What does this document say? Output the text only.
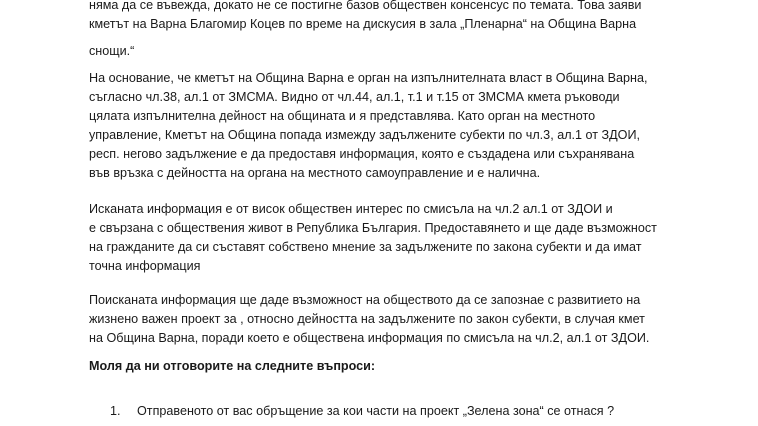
няма да се въвежда, докато не се постигне базов обществен консенсус по темата. Това заяви
кметът на Варна Благомир Коцев по време на дискусия в зала „Пленарна“ на Община Варна
снощи.“

На основание, че кметът на Община Варна е орган на изпълнителната власт в Община Варна,
съгласно чл.38, ал.1 от ЗМСМА. Видно от чл.44, ал.1, т.1 и т.15 от ЗМСМА кмета ръководи
цялата изпълнителна дейност на общината и я представлява. Като орган на местното
управление, Кметът на Община попада измежду задължените субекти по чл.3, ал.1 от ЗДОИ,
респ. негово задължение е да предоставя информация, която е създадена или съхранявана
във връзка с дейността на органа на местното самоуправление и е налична.

Исканата информация е от висок обществен интерес по смисъла на чл.2 ал.1 от ЗДОИ и
е свързана с обществения живот в Република България. Предоставянето и ще даде възможност
на гражданите да си съставят собствено мнение за задължените по закона субекти и да имат
точна информация

Поисканата информация ще даде възможност на обществото да се запознае с развитието на
жизнено важен проект за , относно дейността на задължените по закон субекти, в случая кмет
на Община Варна, поради което е обществена информация по смисъла на чл.2, ал.1 от ЗДОИ.

Моля да ни отговорите на следните въпроси:

1. Отправеното от вас обръщение за кои части на проект „Зелена зона“ се отнася ?
